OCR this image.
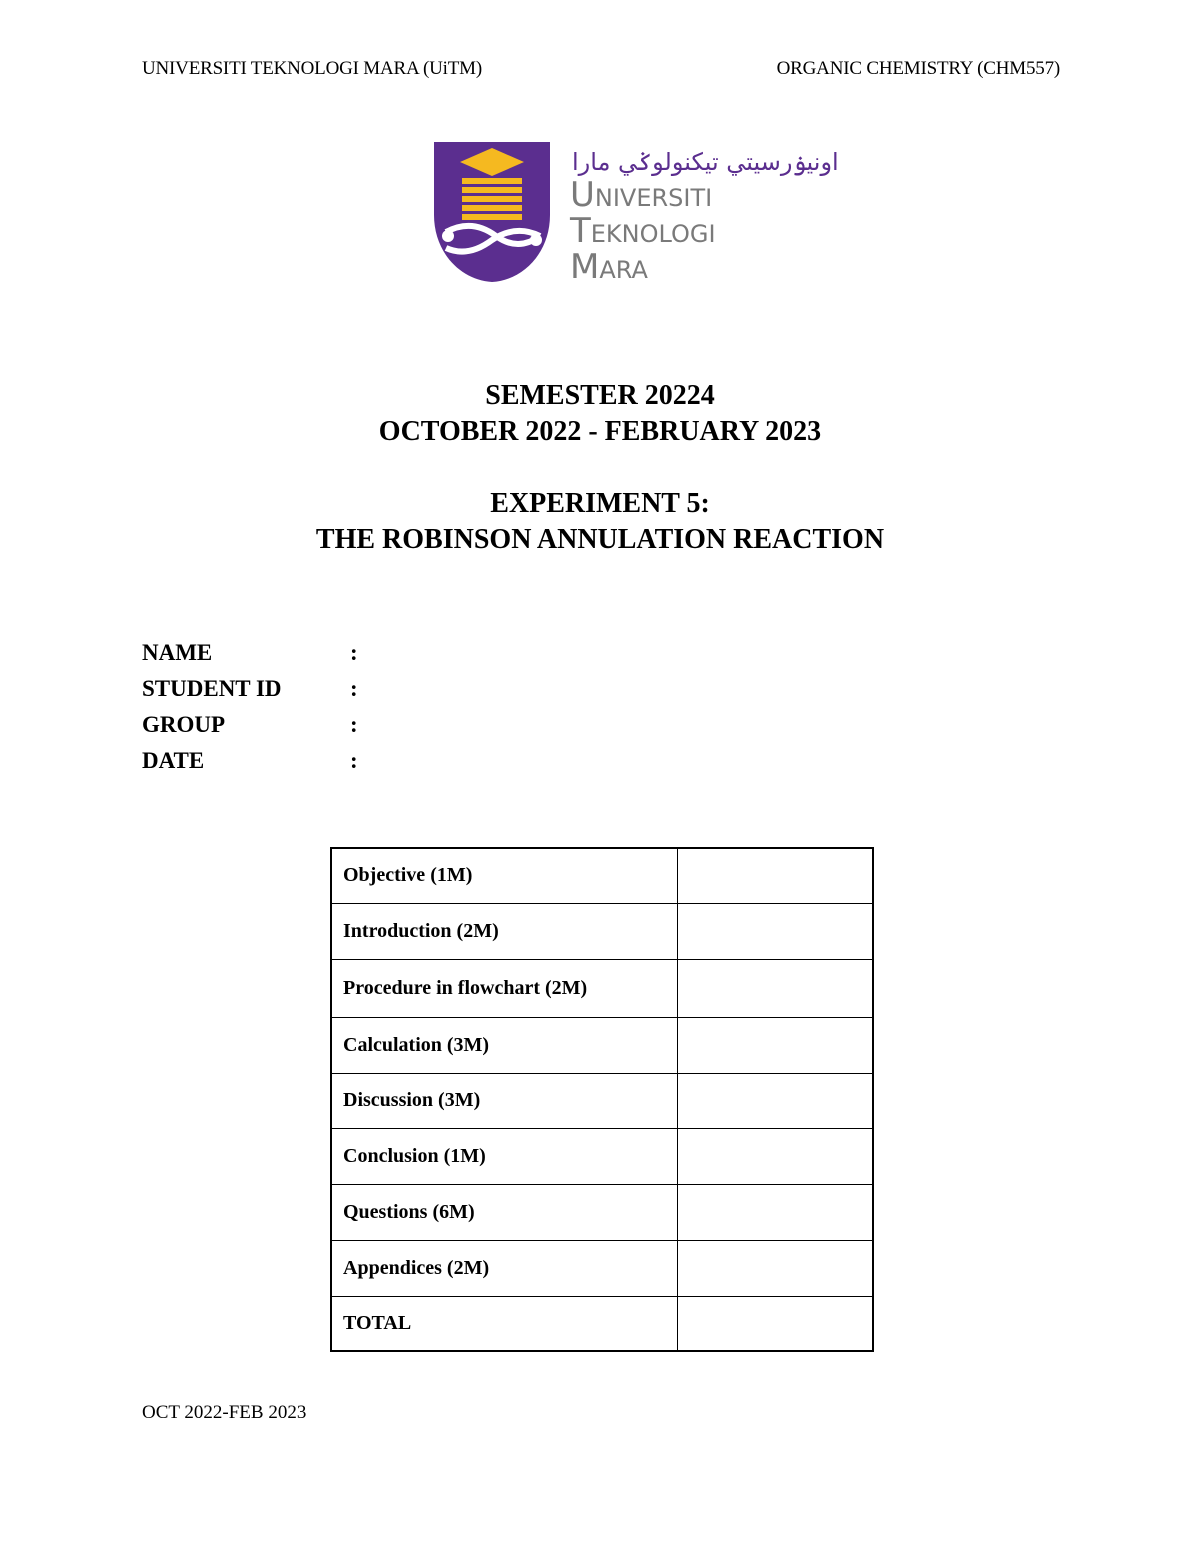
UNIVERSITI TEKNOLOGI MARA (UiTM)	ORGANIC CHEMISTRY (CHM557)
اونيۏرسيتي تيكنولوݢي مارا
Universiti
Teknologi
Mara
SEMESTER 20224
OCTOBER 2022 - FEBRUARY 2023
EXPERIMENT 5:
THE ROBINSON ANNULATION REACTION
NAME	:
STUDENT ID	:
GROUP	:
DATE	:
Objective (1M)	
Introduction (2M)	
Procedure in flowchart (2M)	
Calculation (3M)	
Discussion (3M)	
Conclusion (1M)	
Questions (6M)	
Appendices (2M)	
TOTAL	
OCT 2022-FEB 2023
